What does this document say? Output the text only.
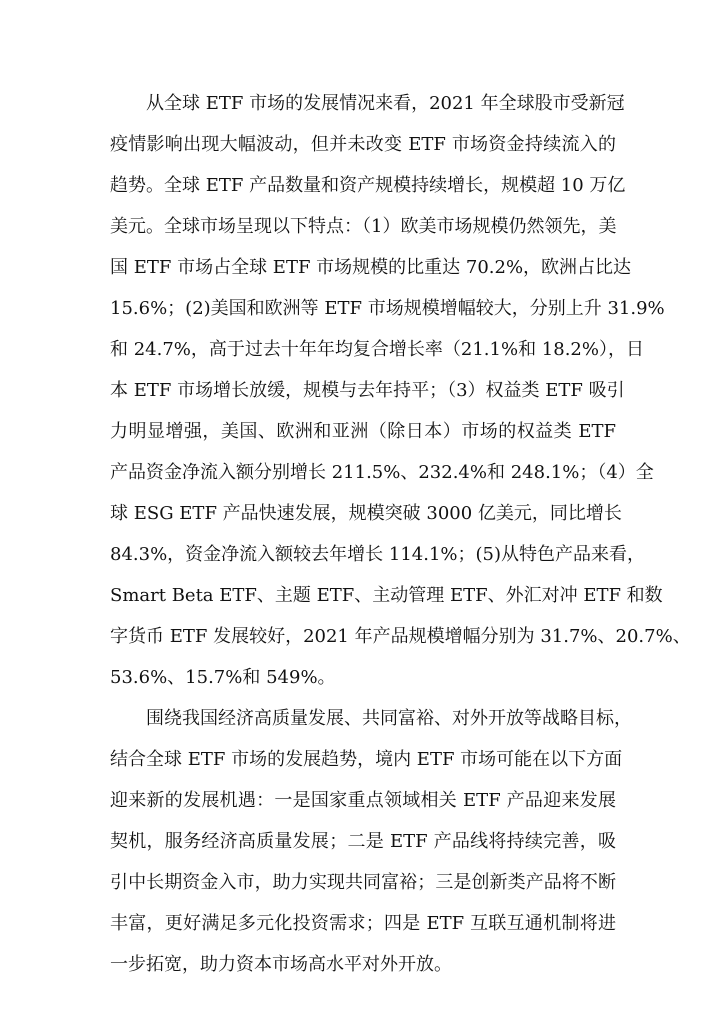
从全球 ETF 市场的发展情况来看，2021 年全球股市受新冠
疫情影响出现大幅波动，但并未改变 ETF 市场资金持续流入的
趋势。全球 ETF 产品数量和资产规模持续增长，规模超 10 万亿
美元。全球市场呈现以下特点：（1）欧美市场规模仍然领先，美
国 ETF 市场占全球 ETF 市场规模的比重达 70.2%，欧洲占比达
15.6%；(2)美国和欧洲等 ETF 市场规模增幅较大，分别上升 31.9%
和 24.7%，高于过去十年年均复合增长率（21.1%和 18.2%），日
本 ETF 市场增长放缓，规模与去年持平；（3）权益类 ETF 吸引
力明显增强，美国、欧洲和亚洲（除日本）市场的权益类 ETF
产品资金净流入额分别增长 211.5%、232.4%和 248.1%；（4）全
球 ESG ETF 产品快速发展，规模突破 3000 亿美元，同比增长
84.3%，资金净流入额较去年增长 114.1%；(5)从特色产品来看，
Smart Beta ETF、主题 ETF、主动管理 ETF、外汇对冲 ETF 和数
字货币 ETF 发展较好，2021 年产品规模增幅分别为 31.7%、20.7%、
53.6%、15.7%和 549%。
围绕我国经济高质量发展、共同富裕、对外开放等战略目标，
结合全球 ETF 市场的发展趋势，境内 ETF 市场可能在以下方面
迎来新的发展机遇：一是国家重点领域相关 ETF 产品迎来发展
契机，服务经济高质量发展；二是 ETF 产品线将持续完善，吸
引中长期资金入市，助力实现共同富裕；三是创新类产品将不断
丰富，更好满足多元化投资需求；四是 ETF 互联互通机制将进
一步拓宽，助力资本市场高水平对外开放。
